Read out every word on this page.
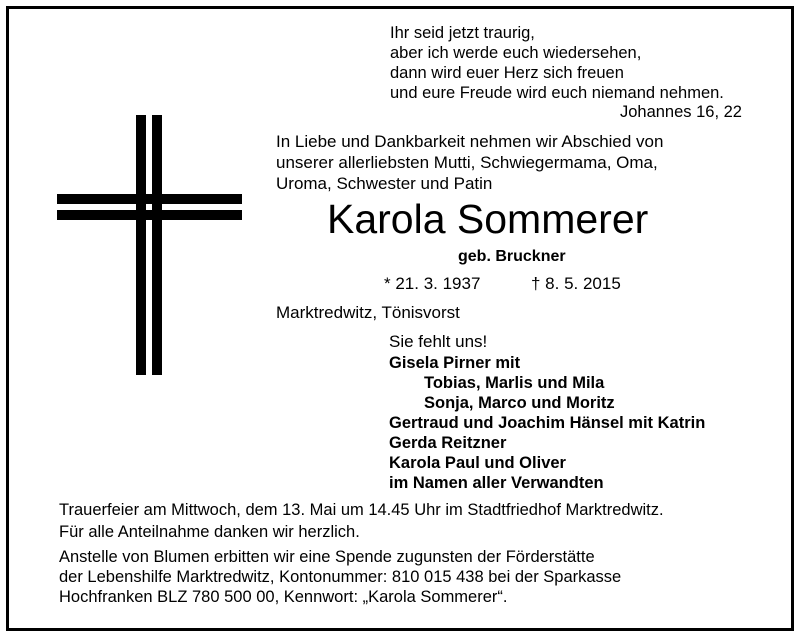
Ihr seid jetzt traurig,
aber ich werde euch wiedersehen,
dann wird euer Herz sich freuen
und eure Freude wird euch niemand nehmen.
Johannes 16, 22
In Liebe und Dankbarkeit nehmen wir Abschied von
unserer allerliebsten Mutti, Schwiegermama, Oma,
Uroma, Schwester und Patin
Karola Sommerer
geb. Bruckner
* 21. 3. 1937	† 8. 5. 2015
Marktredwitz, Tönisvorst
Sie fehlt uns!
Gisela Pirner mit
Tobias, Marlis und Mila
Sonja, Marco und Moritz
Gertraud und Joachim Hänsel mit Katrin
Gerda Reitzner
Karola Paul und Oliver
im Namen aller Verwandten
Trauerfeier am Mittwoch, dem 13. Mai um 14.45 Uhr im Stadtfriedhof Marktredwitz.
Für alle Anteilnahme danken wir herzlich.
Anstelle von Blumen erbitten wir eine Spende zugunsten der Förderstätte
der Lebenshilfe Marktredwitz, Kontonummer: 810 015 438 bei der Sparkasse
Hochfranken BLZ 780 500 00, Kennwort: „Karola Sommerer“.
